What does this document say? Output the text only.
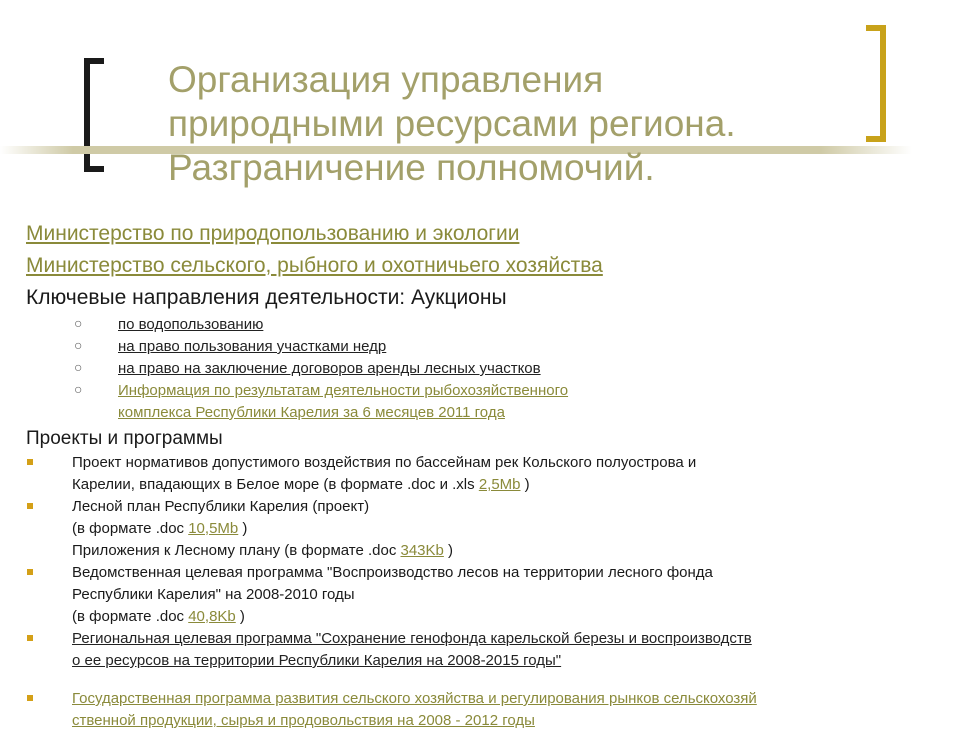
Организация управления
природными ресурсами региона.
Разграничение полномочий.
Министерство по природопользованию и экологии
Министерство сельского, рыбного и охотничьего хозяйства
Ключевые направления деятельности: Аукционы
○ по водопользованию
○ на право пользования участками недр
○ на право на заключение договоров аренды лесных участков
○ Информация по результатам деятельности рыбохозяйственного
комплекса Республики Карелия за 6 месяцев 2011 года
Проекты и программы
Проект нормативов допустимого воздействия по бассейнам рек Кольского полуострова и
Карелии, впадающих в Белое море (в формате .doc и .xls 2,5Mb )
Лесной план Республики Карелия (проект)
(в формате .doc 10,5Mb )
Приложения к Лесному плану (в формате .doc 343Kb )
Ведомственная целевая программа "Воспроизводство лесов на территории лесного фонда
Республики Карелия" на 2008-2010 годы
(в формате .doc 40,8Kb )
Региональная целевая программа "Сохранение генофонда карельской березы и воспроизводств
о ее ресурсов на территории Республики Карелия на 2008-2015 годы"
Государственная программа развития сельского хозяйства и регулирования рынков сельскохозяй
ственной продукции, сырья и продовольствия на 2008 - 2012 годы
